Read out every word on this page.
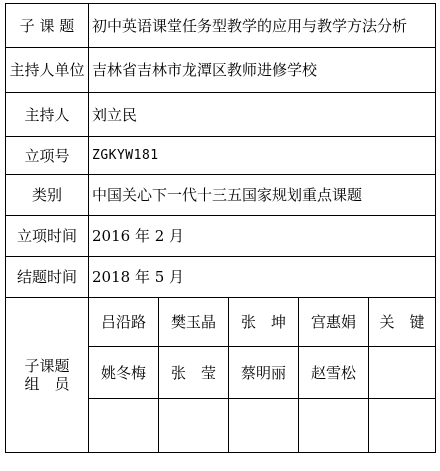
子 课 题	初中英语课堂任务型教学的应用与教学方法分析
主持人单位 吉林省吉林市龙潭区教师进修学校
主持人	刘立民
立项号	ZGKYW181
类别	中国关心下一代十三五国家规划重点课题
立项时间	2016 年 2 月
结题时间	2018 年 5 月
子课题
组　员
吕沿路	樊玉晶	张　坤	宫惠娟	关　键
姚冬梅	张　莹	蔡明丽	赵雪松
